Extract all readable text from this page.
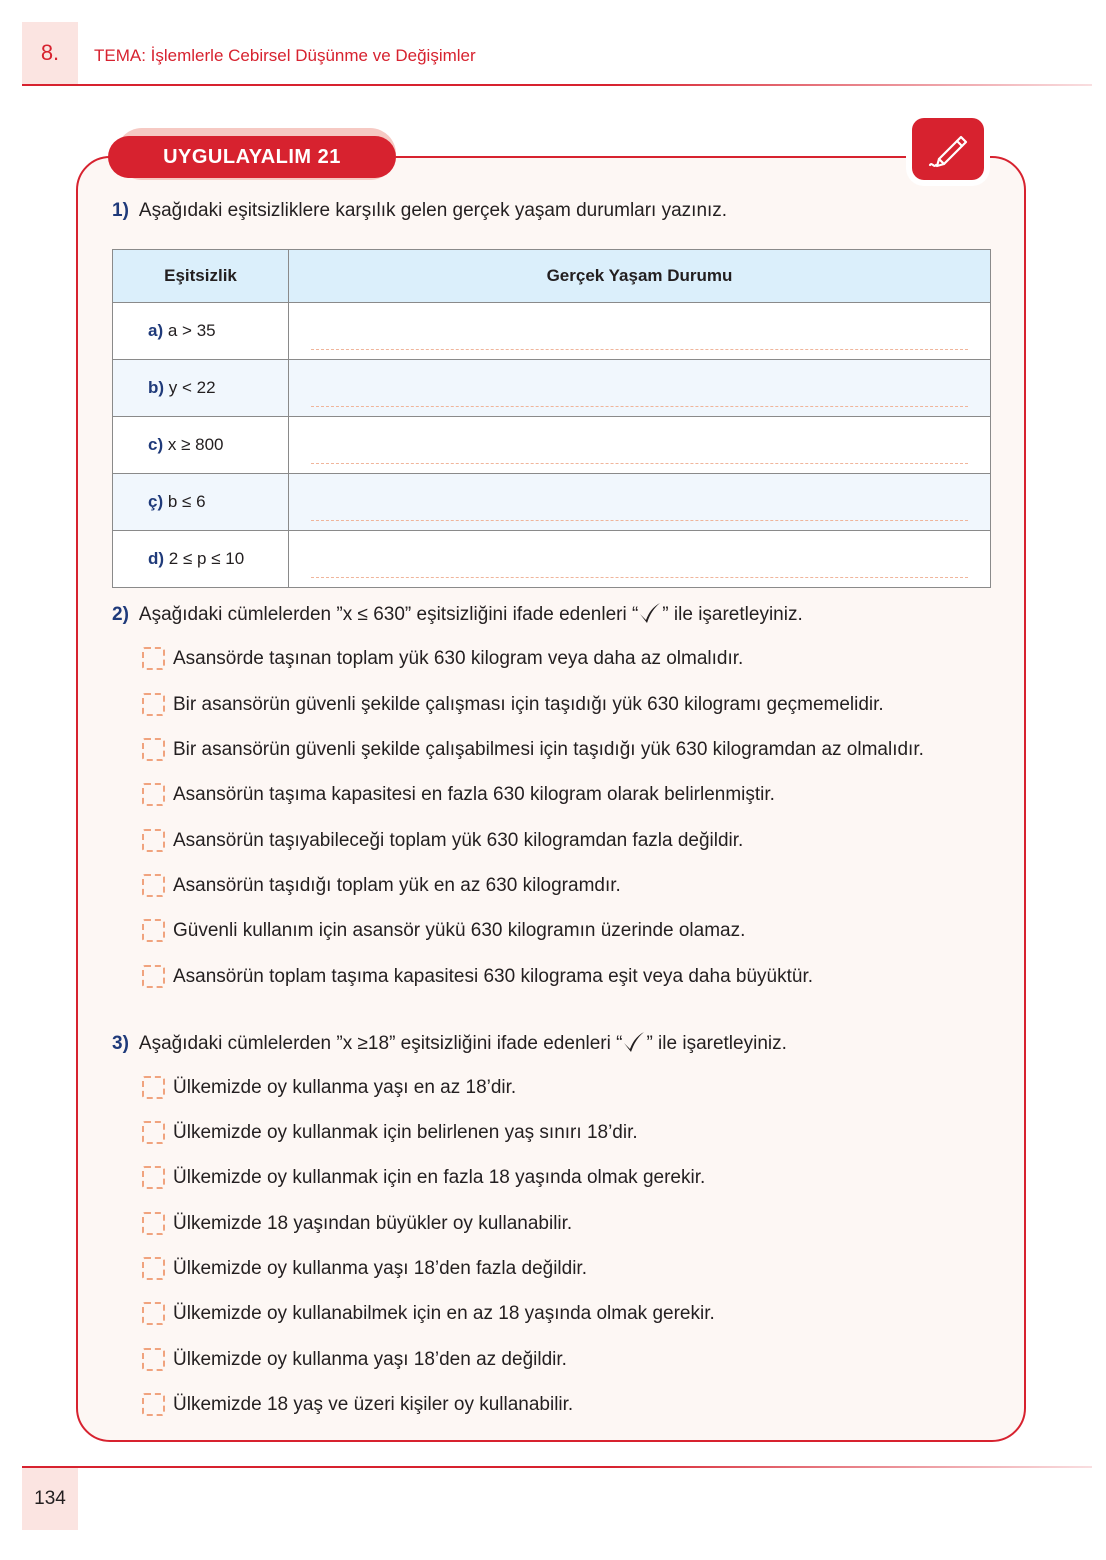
8.	TEMA: İşlemlerle Cebirsel Düşünme ve Değişimler
UYGULAYALIM 21
1) Aşağıdaki eşitsizliklere karşılık gelen gerçek yaşam durumları yazınız.
Eşitsizlik	Gerçek Yaşam Durumu
a) a > 35	

b) y < 22	

c) x ≥ 800	

ç) b ≤ 6	

d) 2 ≤ p ≤ 10	
2) Aşağıdaki cümlelerden ”x ≤ 630” eşitsizliğini ifade edenleri “ ” ile işaretleyiniz.
Asansörde taşınan toplam yük 630 kilogram veya daha az olmalıdır.
Bir asansörün güvenli şekilde çalışması için taşıdığı yük 630 kilogramı geçmemelidir.
Bir asansörün güvenli şekilde çalışabilmesi için taşıdığı yük 630 kilogramdan az olmalıdır.
Asansörün taşıma kapasitesi en fazla 630 kilogram olarak belirlenmiştir.
Asansörün taşıyabileceği toplam yük 630 kilogramdan fazla değildir.
Asansörün taşıdığı toplam yük en az 630 kilogramdır.
Güvenli kullanım için asansör yükü 630 kilogramın üzerinde olamaz.
Asansörün toplam taşıma kapasitesi 630 kilograma eşit veya daha büyüktür.
3) Aşağıdaki cümlelerden ”x ≥18” eşitsizliğini ifade edenleri “ ” ile işaretleyiniz.
Ülkemizde oy kullanma yaşı en az 18’dir.
Ülkemizde oy kullanmak için belirlenen yaş sınırı 18’dir.
Ülkemizde oy kullanmak için en fazla 18 yaşında olmak gerekir.
Ülkemizde 18 yaşından büyükler oy kullanabilir.
Ülkemizde oy kullanma yaşı 18’den fazla değildir.
Ülkemizde oy kullanabilmek için en az 18 yaşında olmak gerekir.
Ülkemizde oy kullanma yaşı 18’den az değildir.
Ülkemizde 18 yaş ve üzeri kişiler oy kullanabilir.
134
